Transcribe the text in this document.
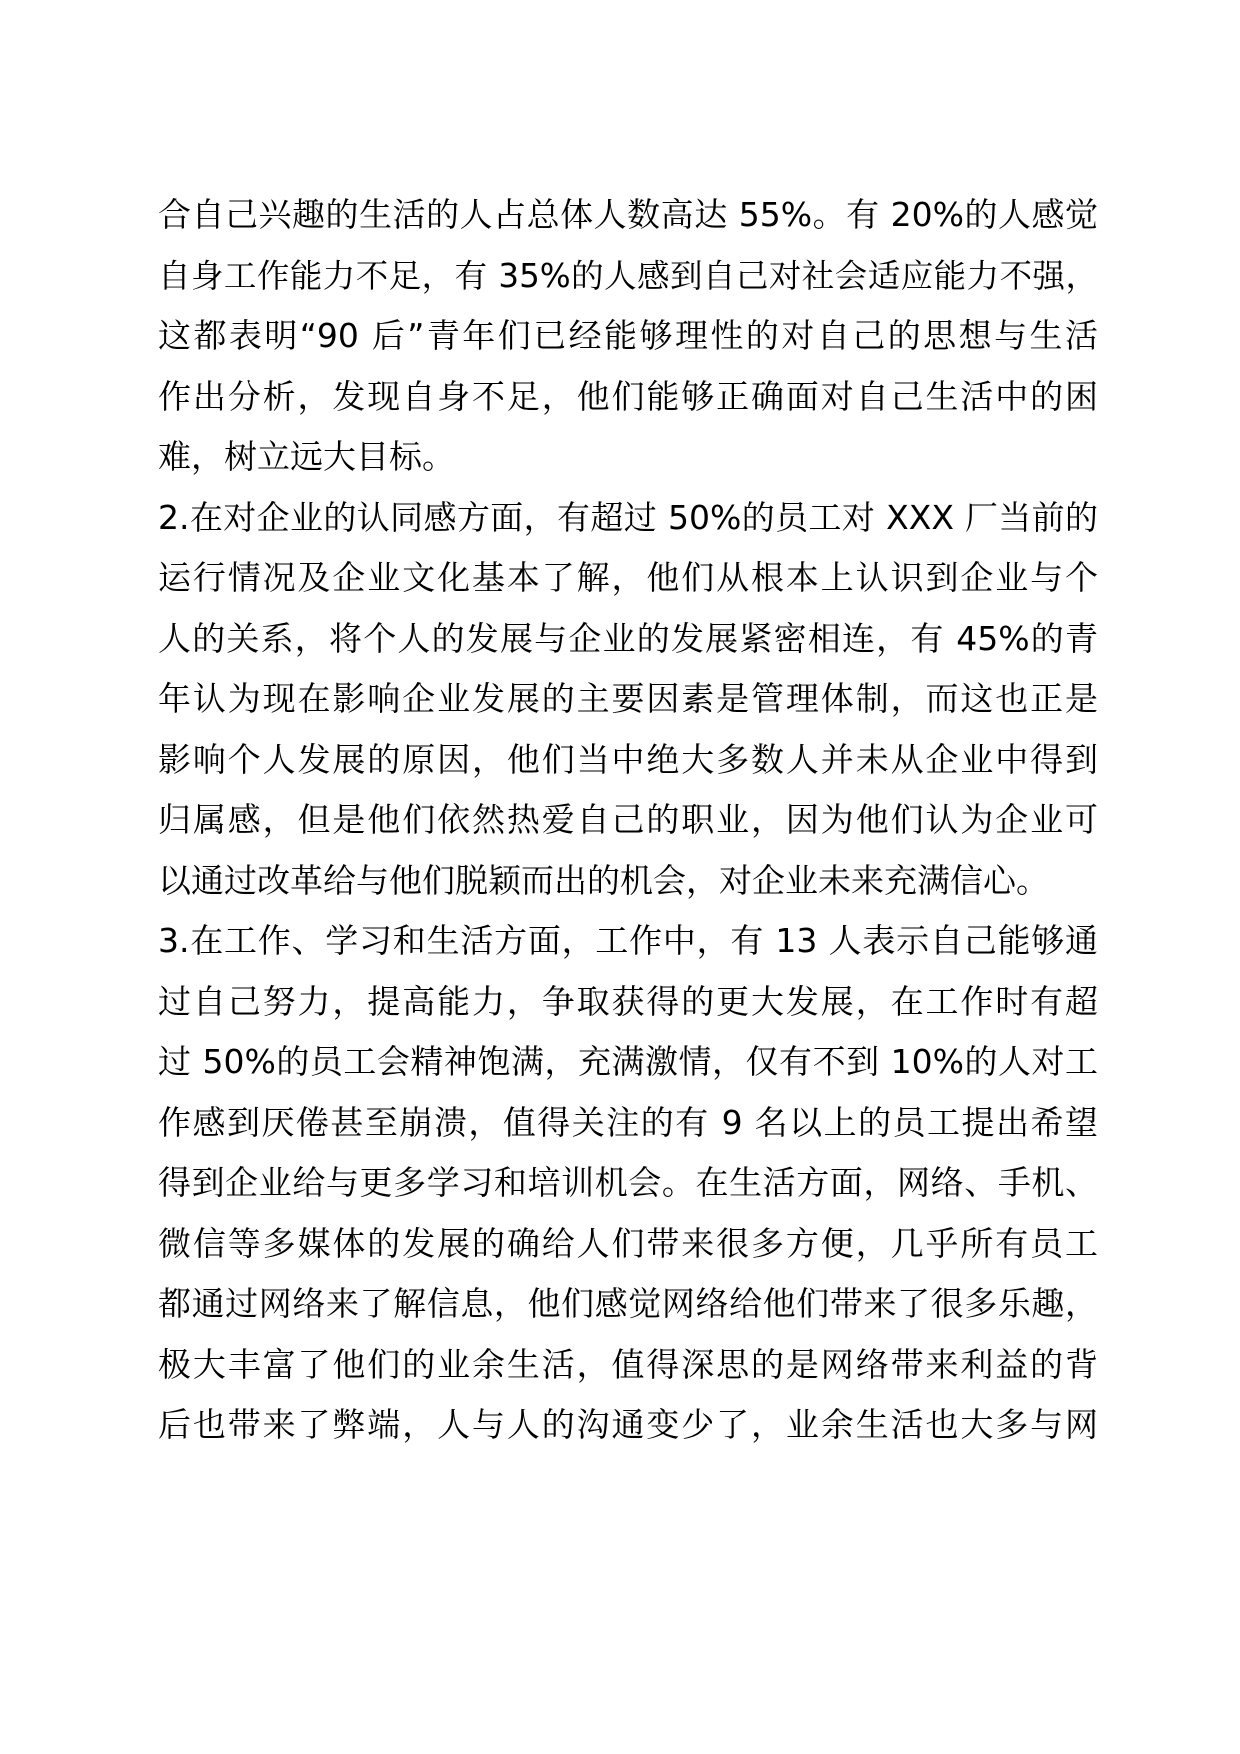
合自己兴趣的生活的人占总体人数高达 55%。有 20%的人感觉
自身工作能力不足，有 35%的人感到自己对社会适应能力不强，
这都表明“90 后”青年们已经能够理性的对自己的思想与生活
作出分析，发现自身不足，他们能够正确面对自己生活中的困
难，树立远大目标。
2.在对企业的认同感方面，有超过 50%的员工对 XXX 厂当前的
运行情况及企业文化基本了解，他们从根本上认识到企业与个
人的关系，将个人的发展与企业的发展紧密相连，有 45%的青
年认为现在影响企业发展的主要因素是管理体制，而这也正是
影响个人发展的原因，他们当中绝大多数人并未从企业中得到
归属感，但是他们依然热爱自己的职业，因为他们认为企业可
以通过改革给与他们脱颖而出的机会，对企业未来充满信心。
3.在工作、学习和生活方面，工作中，有 13 人表示自己能够通
过自己努力，提高能力，争取获得的更大发展，在工作时有超
过 50%的员工会精神饱满，充满激情，仅有不到 10%的人对工
作感到厌倦甚至崩溃，值得关注的有 9 名以上的员工提出希望
得到企业给与更多学习和培训机会。在生活方面，网络、手机、
微信等多媒体的发展的确给人们带来很多方便，几乎所有员工
都通过网络来了解信息，他们感觉网络给他们带来了很多乐趣，
极大丰富了他们的业余生活，值得深思的是网络带来利益的背
后也带来了弊端，人与人的沟通变少了，业余生活也大多与网
